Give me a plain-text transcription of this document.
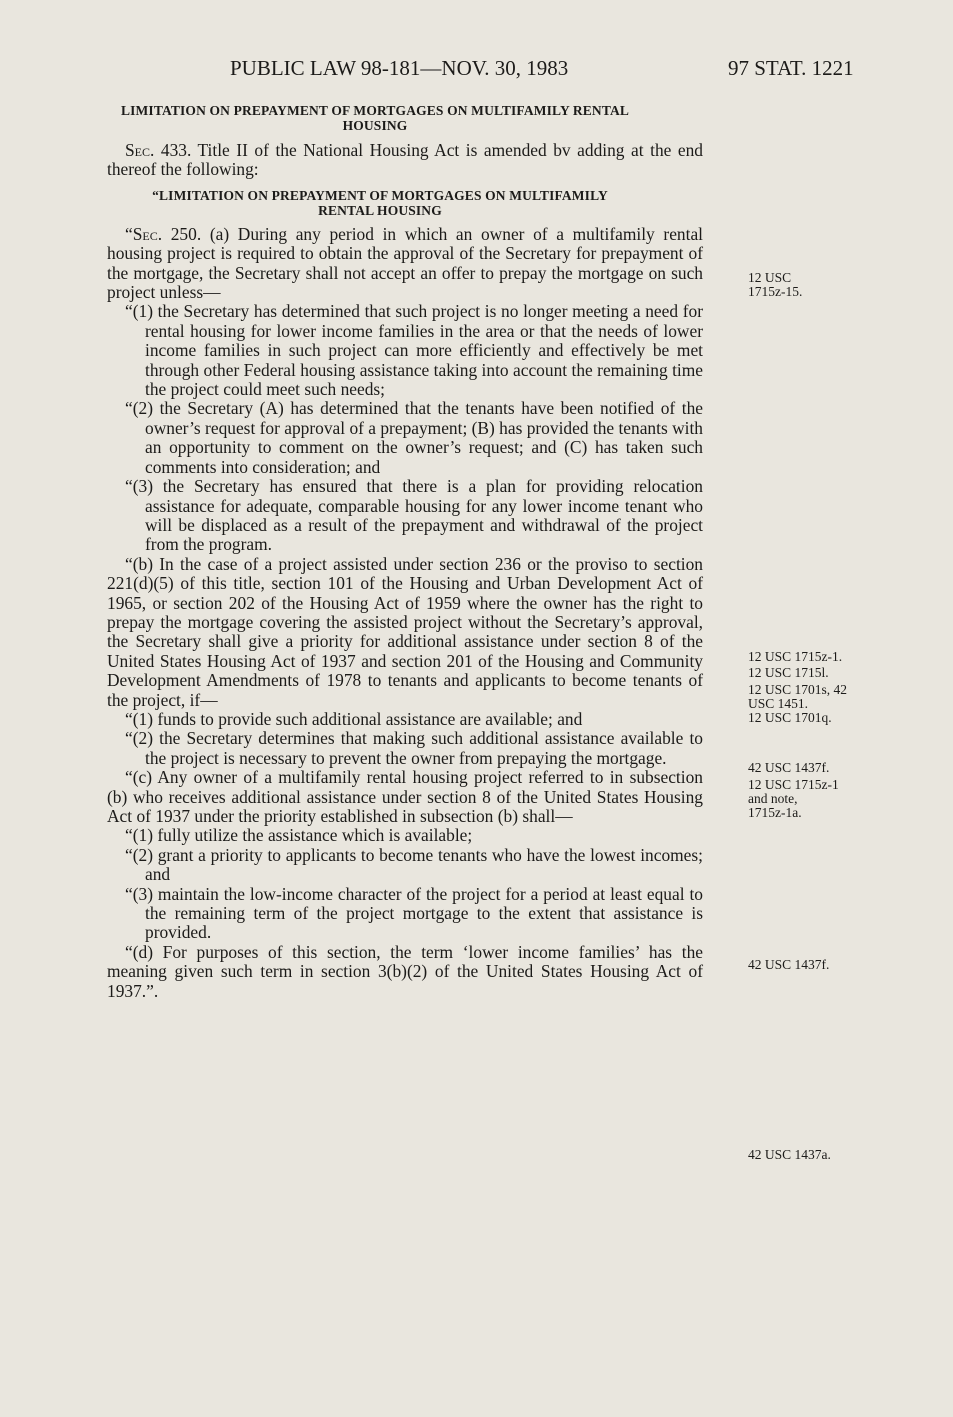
PUBLIC LAW 98-181—NOV. 30, 1983	97 STAT. 1221
LIMITATION ON PREPAYMENT OF MORTGAGES ON MULTIFAMILY RENTAL
HOUSING

Sec. 433. Title II of the National Housing Act is amended bv adding at the end thereof the following:

“LIMITATION ON PREPAYMENT OF MORTGAGES ON MULTIFAMILY
RENTAL HOUSING

“Sec. 250. (a) During any period in which an owner of a multifamily rental housing project is required to obtain the approval of the Secretary for prepayment of the mortgage, the Secretary shall not accept an offer to prepay the mortgage on such project unless—

“(1) the Secretary has determined that such project is no longer meeting a need for rental housing for lower income families in the area or that the needs of lower income families in such project can more efficiently and effectively be met through other Federal housing assistance taking into account the remaining time the project could meet such needs;

“(2) the Secretary (A) has determined that the tenants have been notified of the owner’s request for approval of a prepayment; (B) has provided the tenants with an opportunity to comment on the owner’s request; and (C) has taken such comments into consideration; and

“(3) the Secretary has ensured that there is a plan for providing relocation assistance for adequate, comparable housing for any lower income tenant who will be displaced as a result of the prepayment and withdrawal of the project from the program.

“(b) In the case of a project assisted under section 236 or the proviso to section 221(d)(5) of this title, section 101 of the Housing and Urban Development Act of 1965, or section 202 of the Housing Act of 1959 where the owner has the right to prepay the mortgage covering the assisted project without the Secretary’s approval, the Secretary shall give a priority for additional assistance under section 8 of the United States Housing Act of 1937 and section 201 of the Housing and Community Development Amendments of 1978 to tenants and applicants to become tenants of the project, if—

“(1) funds to provide such additional assistance are available; and

“(2) the Secretary determines that making such additional assistance available to the project is necessary to prevent the owner from prepaying the mortgage.

“(c) Any owner of a multifamily rental housing project referred to in subsection (b) who receives additional assistance under section 8 of the United States Housing Act of 1937 under the priority established in subsection (b) shall—

“(1) fully utilize the assistance which is available;

“(2) grant a priority to applicants to become tenants who have the lowest incomes; and

“(3) maintain the low-income character of the project for a period at least equal to the remaining term of the project mortgage to the extent that assistance is provided.

“(d) For purposes of this section, the term ‘lower income families’ has the meaning given such term in section 3(b)(2) of the United States Housing Act of 1937.”.

12 USC
1715z-15.
12 USC 1715z-1.
12 USC 1715l.
12 USC 1701s, 42
USC 1451.
12 USC 1701q.
42 USC 1437f.
12 USC 1715z-1
and note,
1715z-1a.
42 USC 1437f.
42 USC 1437a.
